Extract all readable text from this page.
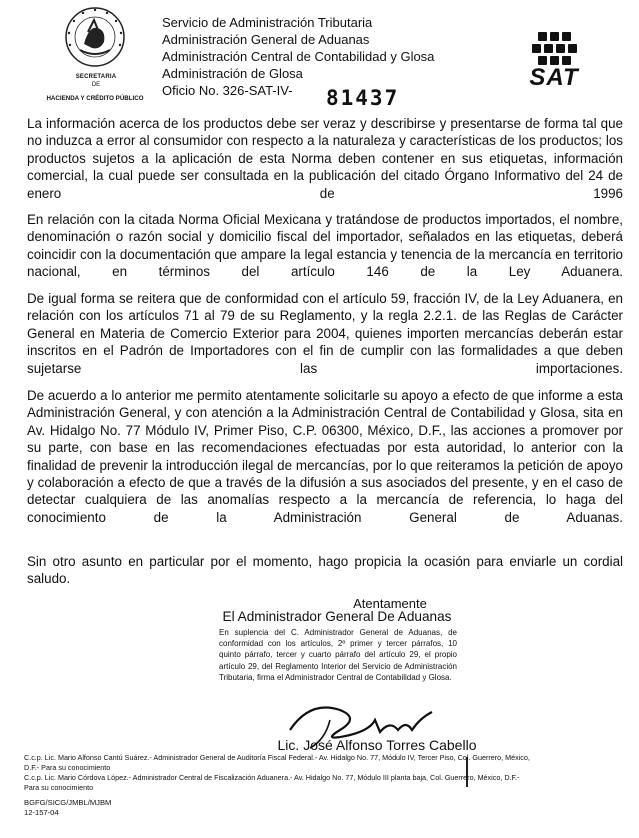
SECRETARIA
DE
HACIENDA Y CRÉDITO PÚBLICO
Servicio de Administración Tributaria
Administración General de Aduanas
Administración Central de Contabilidad y Glosa
Administración de Glosa
Oficio No. 326-SAT-IV-	81437
SAT
La información acerca de los productos debe ser veraz y describirse y presentarse de forma tal que no induzca a error al consumidor con respecto a la naturaleza y características de los productos; los productos sujetos a la aplicación de esta Norma deben contener en sus etiquetas, información comercial, la cual puede ser consultada en la publicación del citado Órgano Informativo del 24 de enero de 1996
En relación con la citada Norma Oficial Mexicana y tratándose de productos importados, el nombre, denominación o razón social y domicilio fiscal del importador, señalados en las etiquetas, deberá coincidir con la documentación que ampare la legal estancia y tenencia de la mercancía en territorio nacional, en términos del artículo 146 de la Ley Aduanera.
De igual forma se reitera que de conformidad con el artículo 59, fracción IV, de la Ley Aduanera, en relación con los artículos 71 al 79 de su Reglamento, y la regla 2.2.1. de las Reglas de Carácter General en Materia de Comercio Exterior para 2004, quienes importen mercancías deberán estar inscritos en el Padrón de Importadores con el fin de cumplir con las formalidades a que deben sujetarse las importaciones.
De acuerdo a lo anterior me permito atentamente solicitarle su apoyo a efecto de que informe a esta Administración General, y con atención a la Administración Central de Contabilidad y Glosa, sita en Av. Hidalgo No. 77 Módulo IV, Primer Piso, C.P. 06300, México, D.F., las acciones a promover por su parte, con base en las recomendaciones efectuadas por esta autoridad, lo anterior con la finalidad de prevenir la introducción ilegal de mercancías, por lo que reiteramos la petición de apoyo y colaboración a efecto de que a través de la difusión a sus asociados del presente, y en el caso de detectar cualquiera de las anomalías respecto a la mercancía de referencia, lo haga del conocimiento de la Administración General de Aduanas.
Sin otro asunto en particular por el momento, hago propicia la ocasión para enviarle un cordial saludo.
Atentamente
El Administrador General De Aduanas
En suplencia del C. Administrador General de Aduanas, de conformidad con los artículos, 2º primer y tercer párrafos, 10 quinto párrafo, tercer y cuarto párrafo del artículo 29, el propio artículo 29, del Reglamento Interior del Servicio de Administración Tributaria, firma el Administrador Central de Contabilidad y Glosa.
Lic. José Alfonso Torres Cabello
C.c.p. Lic. Mario Alfonso Cantú Suárez.- Administrador General de Auditoría Fiscal Federal.- Av. Hidalgo No. 77, Módulo IV, Tercer Piso, Col. Guerrero, México,
D.F.- Para su conocimiento
C.c.p. Lic. Mario Córdova López.- Administrador Central de Fiscalización Aduanera.- Av. Hidalgo No. 77, Módulo III planta baja, Col. Guerrero, México, D.F.-
Para su conocimiento
BGFG/SICG/JMBL/MJBM
12-157-04
